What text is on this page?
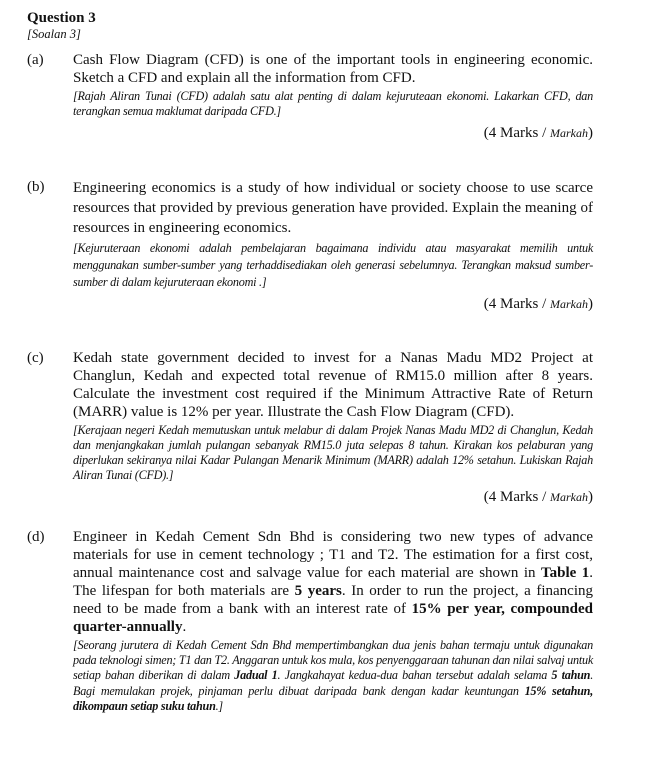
Question 3
[Soalan 3]
(a) Cash Flow Diagram (CFD) is one of the important tools in engineering economic. Sketch a CFD and explain all the information from CFD.
[Rajah Aliran Tunai (CFD) adalah satu alat penting di dalam kejuruteaan ekonomi. Lakarkan CFD, dan terangkan semua maklumat daripada CFD.]
(4 Marks / Markah)
(b) Engineering economics is a study of how individual or society choose to use scarce resources that provided by previous generation have provided. Explain the meaning of resources in engineering economics.
[Kejuruteraan ekonomi adalah pembelajaran bagaimana individu atau masyarakat memilih untuk menggunakan sumber-sumber yang terhaddisediakan oleh generasi sebelumnya. Terangkan maksud sumber-sumber di dalam kejuruteraan ekonomi .]
(4 Marks / Markah)
(c) Kedah state government decided to invest for a Nanas Madu MD2 Project at Changlun, Kedah and expected total revenue of RM15.0 million after 8 years. Calculate the investment cost required if the Minimum Attractive Rate of Return (MARR) value is 12% per year. Illustrate the Cash Flow Diagram (CFD).
[Kerajaan negeri Kedah memutuskan untuk melabur di dalam Projek Nanas Madu MD2 di Changlun, Kedah dan menjangkakan jumlah pulangan sebanyak RM15.0 juta selepas 8 tahun. Kirakan kos pelaburan yang diperlukan sekiranya nilai Kadar Pulangan Menarik Minimum (MARR) adalah 12% setahun. Lukiskan Rajah Aliran Tunai (CFD).]
(4 Marks / Markah)
(d) Engineer in Kedah Cement Sdn Bhd is considering two new types of advance materials for use in cement technology ; T1 and T2. The estimation for a first cost, annual maintenance cost and salvage value for each material are shown in Table 1. The lifespan for both materials are 5 years. In order to run the project, a financing need to be made from a bank with an interest rate of 15% per year, compounded quarter-annually.
[Seorang jurutera di Kedah Cement Sdn Bhd mempertimbangkan dua jenis bahan termaju untuk digunakan pada teknologi simen; T1 dan T2. Anggaran untuk kos mula, kos penyenggaraan tahunan dan nilai salvaj untuk setiap bahan diberikan di dalam Jadual 1. Jangkahayat kedua-dua bahan tersebut adalah selama 5 tahun. Bagi memulakan projek, pinjaman perlu dibuat daripada bank dengan kadar keuntungan 15% setahun, dikompaun setiap suku tahun.]
